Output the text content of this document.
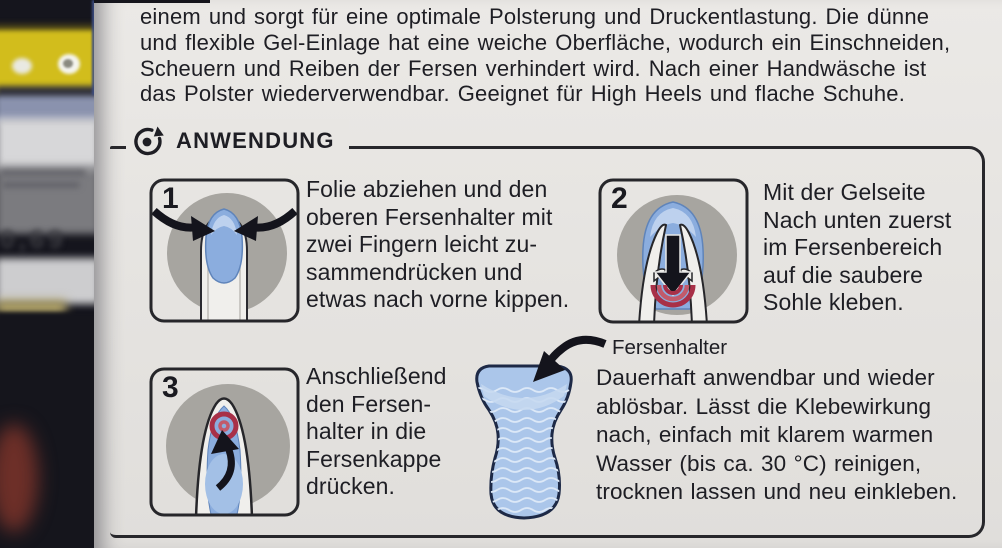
0,69
einem und sorgt für eine optimale Polsterung und Druckentlastung. Die dünne
und flexible Gel-Einlage hat eine weiche Oberfläche, wodurch ein Einschneiden,
Scheuern und Reiben der Fersen verhindert wird. Nach einer Handwäsche ist
das Polster wiederverwendbar. Geeignet für High Heels und flache Schuhe.
ANWENDUNG
1	Folie abziehen und den
oberen Fersenhalter mit
zwei Fingern leicht zu-
sammendrücken und
etwas nach vorne kippen.
2	Mit der Gelseite
Nach unten zuerst
im Fersenbereich
auf die saubere
Sohle kleben.
3	Anschließend
den Fersen-
halter in die
Fersenkappe
drücken.
Fersenhalter
Dauerhaft anwendbar und wieder
ablösbar. Lässt die Klebewirkung
nach, einfach mit klarem warmen
Wasser (bis ca. 30 °C) reinigen,
trocknen lassen und neu einkleben.
